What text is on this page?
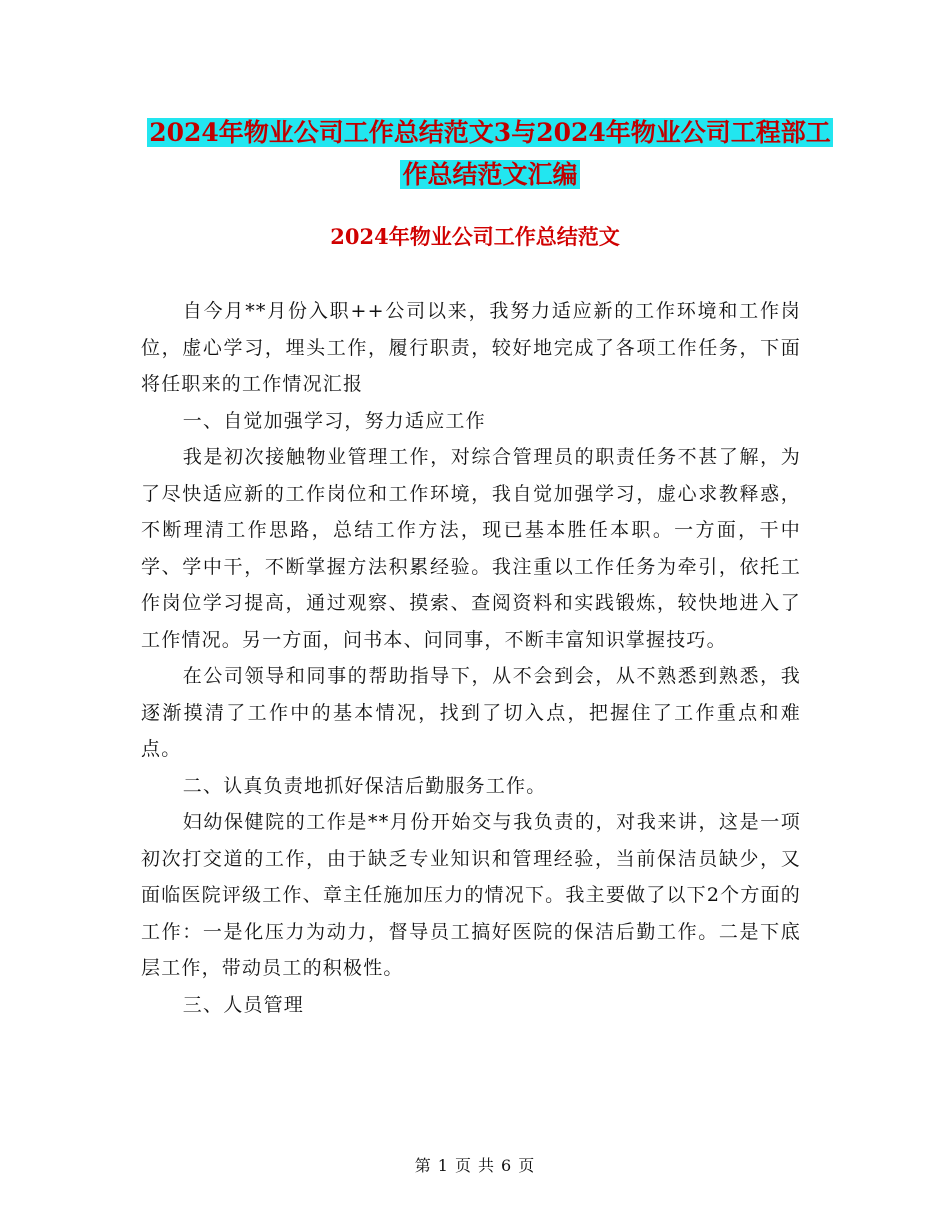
2024年物业公司工作总结范文3与2024年物业公司工程部工作总结范文汇编
2024年物业公司工作总结范文

自今月**月份入职++公司以来，我努力适应新的工作环境和工作岗位，虚心学习，埋头工作，履行职责，较好地完成了各项工作任务，下面将任职来的工作情况汇报

一、自觉加强学习，努力适应工作

我是初次接触物业管理工作，对综合管理员的职责任务不甚了解，为了尽快适应新的工作岗位和工作环境，我自觉加强学习，虚心求教释惑，不断理清工作思路，总结工作方法，现已基本胜任本职。一方面，干中学、学中干，不断掌握方法积累经验。我注重以工作任务为牵引，依托工作岗位学习提高，通过观察、摸索、查阅资料和实践锻炼，较快地进入了工作情况。另一方面，问书本、问同事，不断丰富知识掌握技巧。

在公司领导和同事的帮助指导下，从不会到会，从不熟悉到熟悉，我逐渐摸清了工作中的基本情况，找到了切入点，把握住了工作重点和难点。

二、认真负责地抓好保洁后勤服务工作。

妇幼保健院的工作是**月份开始交与我负责的，对我来讲，这是一项初次打交道的工作，由于缺乏专业知识和管理经验，当前保洁员缺少，又面临医院评级工作、章主任施加压力的情况下。我主要做了以下2个方面的工作：一是化压力为动力，督导员工搞好医院的保洁后勤工作。二是下底层工作，带动员工的积极性。

三、人员管理

第 1 页 共 6 页
